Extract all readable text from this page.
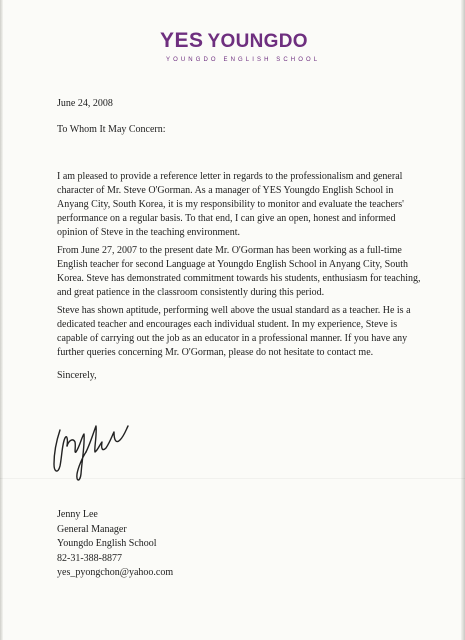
YES YOUNGDO
YOUNGDO ENGLISH SCHOOL

June 24, 2008

To Whom It May Concern:

I am pleased to provide a reference letter in regards to the professionalism and general character of Mr. Steve O'Gorman. As a manager of YES Youngdo English School in Anyang City, South Korea, it is my responsibility to monitor and evaluate the teachers' performance on a regular basis. To that end, I can give an open, honest and informed opinion of Steve in the teaching environment.

From June 27, 2007 to the present date Mr. O'Gorman has been working as a full-time English teacher for second Language at Youngdo English School in Anyang City, South Korea. Steve has demonstrated commitment towards his students, enthusiasm for teaching, and great patience in the classroom consistently during this period.

Steve has shown aptitude, performing well above the usual standard as a teacher. He is a dedicated teacher and encourages each individual student. In my experience, Steve is capable of carrying out the job as an educator in a professional manner. If you have any further queries concerning Mr. O'Gorman, please do not hesitate to contact me.

Sincerely,

Jenny Lee
General Manager
Youngdo English School
82-31-388-8877
yes_pyongchon@yahoo.com
